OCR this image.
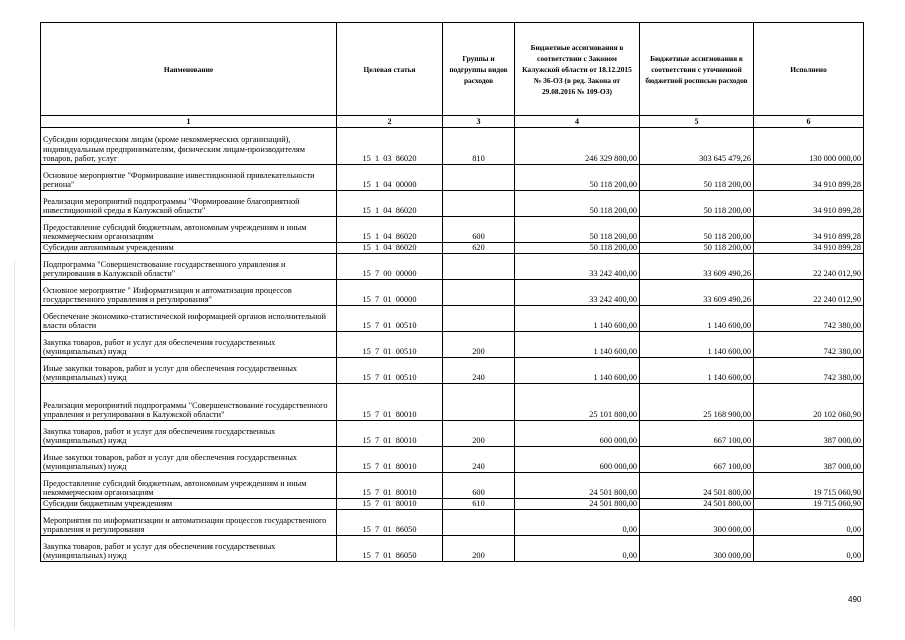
Наименование	Целевая статья	Группы и подгруппы видов расходов	Бюджетные ассигнования в соответствии с Законом Калужской области от 18.12.2015 № 36-ОЗ (в ред. Закона от 29.08.2016 № 109-ОЗ)	Бюджетные ассигнования в соответствии с уточненной бюджетной росписью расходов	Исполнено
1	2	3	4	5	6
Субсидии юридическим лицам (кроме некоммерческих организаций), индивидуальным предпринимателям, физическим лицам-производителям товаров, работ, услуг	15  1  03  86020	810	246 329 800,00	303 645 479,26	130 000 000,00
Основное мероприятие "Формирование инвестиционной привлекательности региона"	15  1  04  00000		50 118 200,00	50 118 200,00	34 910 899,28
Реализация мероприятий подпрограммы "Формирование благоприятной инвестиционной среды в Калужской области"	15  1  04  86020		50 118 200,00	50 118 200,00	34 910 899,28
Предоставление субсидий бюджетным, автономным учреждениям и иным некоммерческим организациям	15  1  04  86020	600	50 118 200,00	50 118 200,00	34 910 899,28
Субсидии автономным учреждениям	15  1  04  86020	620	50 118 200,00	50 118 200,00	34 910 899,28
Подпрограмма "Совершенствование государственного управления и регулирования в Калужской области"	15  7  00  00000		33 242 400,00	33 609 490,26	22 240 012,90
Основное мероприятие " Информатизация и автоматизация процессов государственного управления и регулирования"	15  7  01  00000		33 242 400,00	33 609 490,26	22 240 012,90
Обеспечение экономико-статистической информацией органов исполнительной власти области	15  7  01  00510		1 140 600,00	1 140 600,00	742 380,00
Закупка товаров, работ и услуг для обеспечения государственных (муниципальных) нужд	15  7  01  00510	200	1 140 600,00	1 140 600,00	742 380,00
Иные закупки товаров, работ и услуг для обеспечения государственных (муниципальных) нужд	15  7  01  00510	240	1 140 600,00	1 140 600,00	742 380,00
Реализация мероприятий подпрограммы "Совершенствование государственного управления и регулирования в Калужской области"	15  7  01  80010		25 101 800,00	25 168 900,00	20 102 060,90
Закупка товаров, работ и услуг для обеспечения государственных (муниципальных) нужд	15  7  01  80010	200	600 000,00	667 100,00	387 000,00
Иные закупки товаров, работ и услуг для обеспечения государственных (муниципальных) нужд	15  7  01  80010	240	600 000,00	667 100,00	387 000,00
Предоставление субсидий бюджетным, автономным учреждениям и иным некоммерческим организациям	15  7  01  80010	600	24 501 800,00	24 501 800,00	19 715 060,90
Субсидии бюджетным учреждениям	15  7  01  80010	610	24 501 800,00	24 501 800,00	19 715 060,90
Мероприятия по информатизации и автоматизации процессов государственного управления и регулирования	15  7  01  86050		0,00	300 000,00	0,00
Закупка товаров, работ и услуг для обеспечения государственных (муниципальных) нужд	15  7  01  86050	200	0,00	300 000,00	0,00
490
